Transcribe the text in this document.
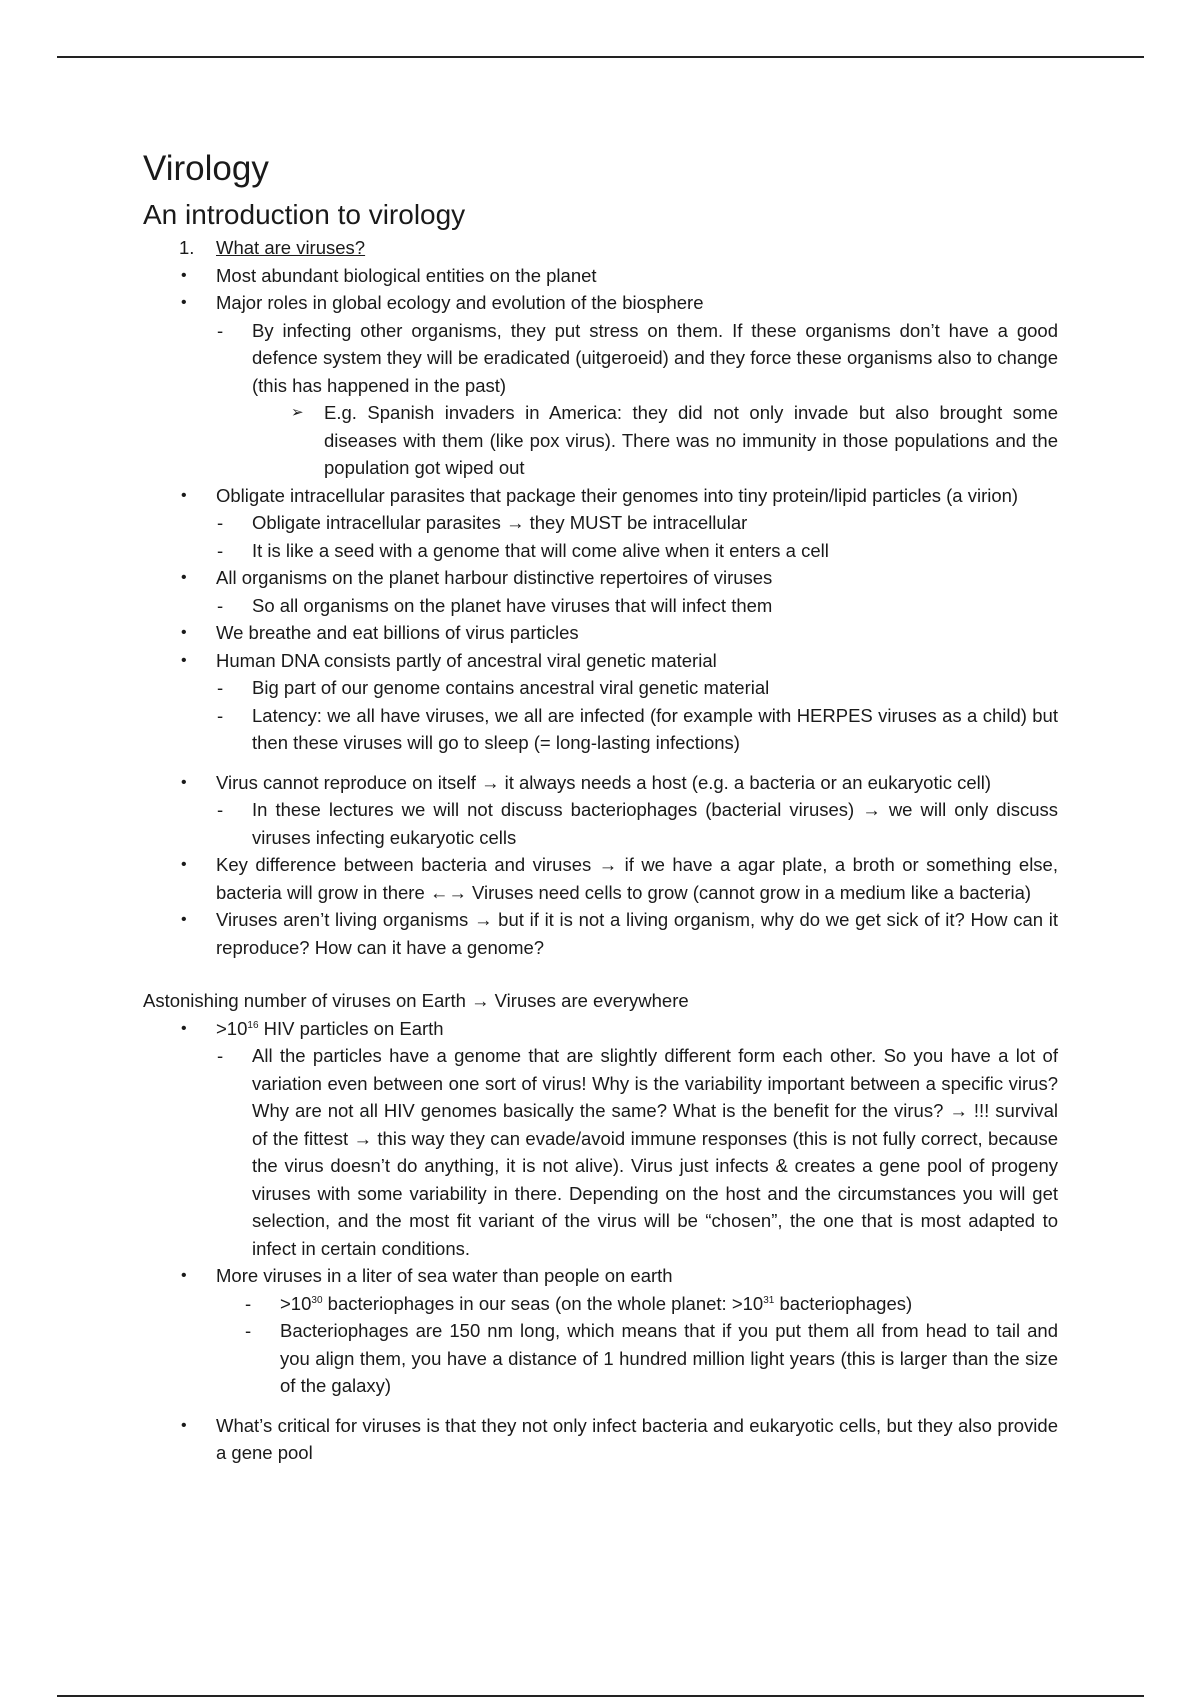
Virology
An introduction to virology
1. What are viruses?
• Most abundant biological entities on the planet
• Major roles in global ecology and evolution of the biosphere
- By infecting other organisms, they put stress on them. If these organisms don’t have a good defence system they will be eradicated (uitgeroeid) and they force these organisms also to change (this has happened in the past)
➢ E.g. Spanish invaders in America: they did not only invade but also brought some diseases with them (like pox virus). There was no immunity in those populations and the population got wiped out
• Obligate intracellular parasites that package their genomes into tiny protein/lipid particles (a virion)
- Obligate intracellular parasites → they MUST be intracellular
- It is like a seed with a genome that will come alive when it enters a cell
• All organisms on the planet harbour distinctive repertoires of viruses
- So all organisms on the planet have viruses that will infect them
• We breathe and eat billions of virus particles
• Human DNA consists partly of ancestral viral genetic material
- Big part of our genome contains ancestral viral genetic material
- Latency: we all have viruses, we all are infected (for example with HERPES viruses as a child) but then these viruses will go to sleep (= long-lasting infections)
• Virus cannot reproduce on itself → it always needs a host (e.g. a bacteria or an eukaryotic cell)
- In these lectures we will not discuss bacteriophages (bacterial viruses) → we will only discuss viruses infecting eukaryotic cells
• Key difference between bacteria and viruses → if we have a agar plate, a broth or something else, bacteria will grow in there ←→ Viruses need cells to grow (cannot grow in a medium like a bacteria)
• Viruses aren’t living organisms → but if it is not a living organism, why do we get sick of it? How can it reproduce? How can it have a genome?
Astonishing number of viruses on Earth → Viruses are everywhere
• $>10^{16}$ HIV particles on Earth
- All the particles have a genome that are slightly different form each other. So you have a lot of variation even between one sort of virus! Why is the variability important between a specific virus? Why are not all HIV genomes basically the same? What is the benefit for the virus? → !!! survival of the fittest → this way they can evade/avoid immune responses (this is not fully correct, because the virus doesn’t do anything, it is not alive). Virus just infects & creates a gene pool of progeny viruses with some variability in there. Depending on the host and the circumstances you will get selection, and the most fit variant of the virus will be “chosen”, the one that is most adapted to infect in certain conditions.
• More viruses in a liter of sea water than people on earth
- $>10^{30}$ bacteriophages in our seas (on the whole planet: $>10^{31}$ bacteriophages)
- Bacteriophages are 150 nm long, which means that if you put them all from head to tail and you align them, you have a distance of 1 hundred million light years (this is larger than the size of the galaxy)
• What’s critical for viruses is that they not only infect bacteria and eukaryotic cells, but they also provide a gene pool
